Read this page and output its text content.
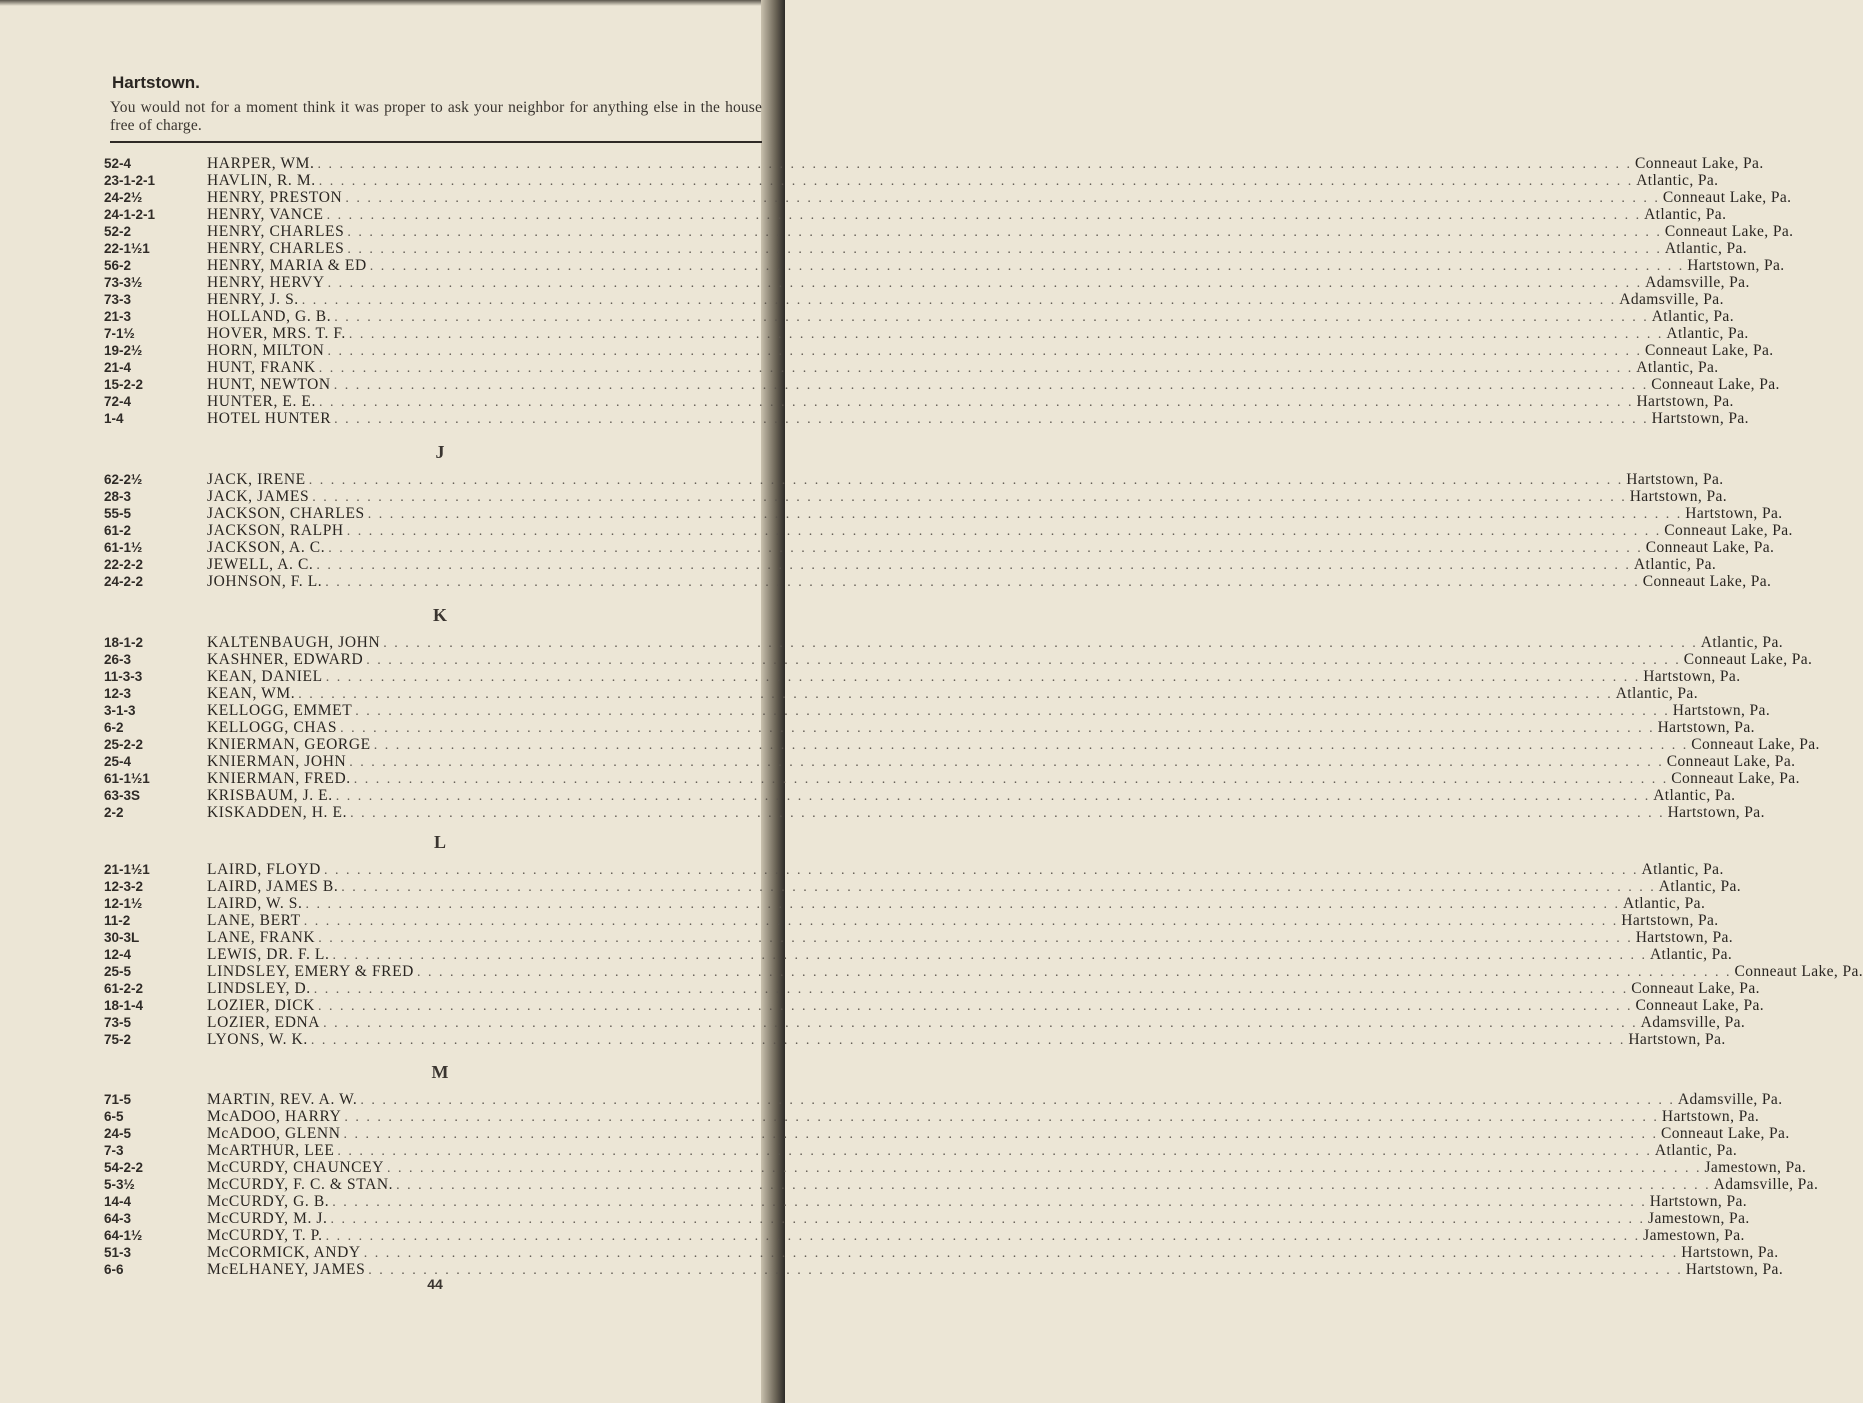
Hartstown.
You would not for a moment think it was proper to ask your neighbor for anything else in the house free of charge.
52-4	HARPER, WM. . . . . . . . . . . . . . . . . . . . . . . . . . . . . . . . . . . . . . . . . . . . . . . . . . . . . . . . . . . . . . . . . . . . . . . . . . . . . . . . . . . . . . . . . . . . . . . . . . . . . . . . . . . . . . . . . . . . . . . . . Conneaut Lake, Pa.
23-1-2-1	HAVLIN, R. M. . . . . . . . . . . . . . . . . . . . . . . . . . . . . . . . . . . . . . . . . . . . . . . . . . . . . . . . . . . . . . . . . . . . . . . . . . . . . . . . . . . . . . . . . . . . . . . . . . . . . . . . . . . . . . . . . . . . . . . . . Atlantic, Pa.
24-2½	HENRY, PRESTON . . . . . . . . . . . . . . . . . . . . . . . . . . . . . . . . . . . . . . . . . . . . . . . . . . . . . . . . . . . . . . . . . . . . . . . . . . . . . . . . . . . . . . . . . . . . . . . . . . . . . . . . . . . . . . . . . . . . . . . . Conneaut Lake, Pa.
24-1-2-1	HENRY, VANCE . . . . . . . . . . . . . . . . . . . . . . . . . . . . . . . . . . . . . . . . . . . . . . . . . . . . . . . . . . . . . . . . . . . . . . . . . . . . . . . . . . . . . . . . . . . . . . . . . . . . . . . . . . . . . . . . . . . . . . . . Atlantic, Pa.
52-2	HENRY, CHARLES . . . . . . . . . . . . . . . . . . . . . . . . . . . . . . . . . . . . . . . . . . . . . . . . . . . . . . . . . . . . . . . . . . . . . . . . . . . . . . . . . . . . . . . . . . . . . . . . . . . . . . . . . . . . . . . . . . . . . . . . Conneaut Lake, Pa.
22-1½1	HENRY, CHARLES . . . . . . . . . . . . . . . . . . . . . . . . . . . . . . . . . . . . . . . . . . . . . . . . . . . . . . . . . . . . . . . . . . . . . . . . . . . . . . . . . . . . . . . . . . . . . . . . . . . . . . . . . . . . . . . . . . . . . . . . Atlantic, Pa.
56-2	HENRY, MARIA & ED . . . . . . . . . . . . . . . . . . . . . . . . . . . . . . . . . . . . . . . . . . . . . . . . . . . . . . . . . . . . . . . . . . . . . . . . . . . . . . . . . . . . . . . . . . . . . . . . . . . . . . . . . . . . . . . . . . . . . . . . Hartstown, Pa.
73-3½	HENRY, HERVY . . . . . . . . . . . . . . . . . . . . . . . . . . . . . . . . . . . . . . . . . . . . . . . . . . . . . . . . . . . . . . . . . . . . . . . . . . . . . . . . . . . . . . . . . . . . . . . . . . . . . . . . . . . . . . . . . . . . . . . . Adamsville, Pa.
73-3	HENRY, J. S. . . . . . . . . . . . . . . . . . . . . . . . . . . . . . . . . . . . . . . . . . . . . . . . . . . . . . . . . . . . . . . . . . . . . . . . . . . . . . . . . . . . . . . . . . . . . . . . . . . . . . . . . . . . . . . . . . . . . . . . . Adamsville, Pa.
21-3	HOLLAND, G. B. . . . . . . . . . . . . . . . . . . . . . . . . . . . . . . . . . . . . . . . . . . . . . . . . . . . . . . . . . . . . . . . . . . . . . . . . . . . . . . . . . . . . . . . . . . . . . . . . . . . . . . . . . . . . . . . . . . . . . . . . Atlantic, Pa.
7-1½	HOVER, MRS. T. F. . . . . . . . . . . . . . . . . . . . . . . . . . . . . . . . . . . . . . . . . . . . . . . . . . . . . . . . . . . . . . . . . . . . . . . . . . . . . . . . . . . . . . . . . . . . . . . . . . . . . . . . . . . . . . . . . . . . . . . . . Atlantic, Pa.
19-2½	HORN, MILTON . . . . . . . . . . . . . . . . . . . . . . . . . . . . . . . . . . . . . . . . . . . . . . . . . . . . . . . . . . . . . . . . . . . . . . . . . . . . . . . . . . . . . . . . . . . . . . . . . . . . . . . . . . . . . . . . . . . . . . . . Conneaut Lake, Pa.
21-4	HUNT, FRANK . . . . . . . . . . . . . . . . . . . . . . . . . . . . . . . . . . . . . . . . . . . . . . . . . . . . . . . . . . . . . . . . . . . . . . . . . . . . . . . . . . . . . . . . . . . . . . . . . . . . . . . . . . . . . . . . . . . . . . . . Atlantic, Pa.
15-2-2	HUNT, NEWTON . . . . . . . . . . . . . . . . . . . . . . . . . . . . . . . . . . . . . . . . . . . . . . . . . . . . . . . . . . . . . . . . . . . . . . . . . . . . . . . . . . . . . . . . . . . . . . . . . . . . . . . . . . . . . . . . . . . . . . . . Conneaut Lake, Pa.
72-4	HUNTER, E. E. . . . . . . . . . . . . . . . . . . . . . . . . . . . . . . . . . . . . . . . . . . . . . . . . . . . . . . . . . . . . . . . . . . . . . . . . . . . . . . . . . . . . . . . . . . . . . . . . . . . . . . . . . . . . . . . . . . . . . . . . Hartstown, Pa.
1-4	HOTEL HUNTER . . . . . . . . . . . . . . . . . . . . . . . . . . . . . . . . . . . . . . . . . . . . . . . . . . . . . . . . . . . . . . . . . . . . . . . . . . . . . . . . . . . . . . . . . . . . . . . . . . . . . . . . . . . . . . . . . . . . . . . . Hartstown, Pa.
J
62-2½	JACK, IRENE . . . . . . . . . . . . . . . . . . . . . . . . . . . . . . . . . . . . . . . . . . . . . . . . . . . . . . . . . . . . . . . . . . . . . . . . . . . . . . . . . . . . . . . . . . . . . . . . . . . . . . . . . . . . . . . . . . . . . . . . Hartstown, Pa.
28-3	JACK, JAMES . . . . . . . . . . . . . . . . . . . . . . . . . . . . . . . . . . . . . . . . . . . . . . . . . . . . . . . . . . . . . . . . . . . . . . . . . . . . . . . . . . . . . . . . . . . . . . . . . . . . . . . . . . . . . . . . . . . . . . . . Hartstown, Pa.
55-5	JACKSON, CHARLES . . . . . . . . . . . . . . . . . . . . . . . . . . . . . . . . . . . . . . . . . . . . . . . . . . . . . . . . . . . . . . . . . . . . . . . . . . . . . . . . . . . . . . . . . . . . . . . . . . . . . . . . . . . . . . . . . . . . . . . . Hartstown, Pa.
61-2	JACKSON, RALPH . . . . . . . . . . . . . . . . . . . . . . . . . . . . . . . . . . . . . . . . . . . . . . . . . . . . . . . . . . . . . . . . . . . . . . . . . . . . . . . . . . . . . . . . . . . . . . . . . . . . . . . . . . . . . . . . . . . . . . . . Conneaut Lake, Pa.
61-1½	JACKSON, A. C. . . . . . . . . . . . . . . . . . . . . . . . . . . . . . . . . . . . . . . . . . . . . . . . . . . . . . . . . . . . . . . . . . . . . . . . . . . . . . . . . . . . . . . . . . . . . . . . . . . . . . . . . . . . . . . . . . . . . . . . . Conneaut Lake, Pa.
22-2-2	JEWELL, A. C. . . . . . . . . . . . . . . . . . . . . . . . . . . . . . . . . . . . . . . . . . . . . . . . . . . . . . . . . . . . . . . . . . . . . . . . . . . . . . . . . . . . . . . . . . . . . . . . . . . . . . . . . . . . . . . . . . . . . . . . . Atlantic, Pa.
24-2-2	JOHNSON, F. L. . . . . . . . . . . . . . . . . . . . . . . . . . . . . . . . . . . . . . . . . . . . . . . . . . . . . . . . . . . . . . . . . . . . . . . . . . . . . . . . . . . . . . . . . . . . . . . . . . . . . . . . . . . . . . . . . . . . . . . . . Conneaut Lake, Pa.
K
18-1-2	KALTENBAUGH, JOHN . . . . . . . . . . . . . . . . . . . . . . . . . . . . . . . . . . . . . . . . . . . . . . . . . . . . . . . . . . . . . . . . . . . . . . . . . . . . . . . . . . . . . . . . . . . . . . . . . . . . . . . . . . . . . . . . . . . . . . . . Atlantic, Pa.
26-3	KASHNER, EDWARD . . . . . . . . . . . . . . . . . . . . . . . . . . . . . . . . . . . . . . . . . . . . . . . . . . . . . . . . . . . . . . . . . . . . . . . . . . . . . . . . . . . . . . . . . . . . . . . . . . . . . . . . . . . . . . . . . . . . . . . . Conneaut Lake, Pa.
11-3-3	KEAN, DANIEL . . . . . . . . . . . . . . . . . . . . . . . . . . . . . . . . . . . . . . . . . . . . . . . . . . . . . . . . . . . . . . . . . . . . . . . . . . . . . . . . . . . . . . . . . . . . . . . . . . . . . . . . . . . . . . . . . . . . . . . . Hartstown, Pa.
12-3	KEAN, WM. . . . . . . . . . . . . . . . . . . . . . . . . . . . . . . . . . . . . . . . . . . . . . . . . . . . . . . . . . . . . . . . . . . . . . . . . . . . . . . . . . . . . . . . . . . . . . . . . . . . . . . . . . . . . . . . . . . . . . . . . Atlantic, Pa.
3-1-3	KELLOGG, EMMET . . . . . . . . . . . . . . . . . . . . . . . . . . . . . . . . . . . . . . . . . . . . . . . . . . . . . . . . . . . . . . . . . . . . . . . . . . . . . . . . . . . . . . . . . . . . . . . . . . . . . . . . . . . . . . . . . . . . . . . . Hartstown, Pa.
6-2	KELLOGG, CHAS . . . . . . . . . . . . . . . . . . . . . . . . . . . . . . . . . . . . . . . . . . . . . . . . . . . . . . . . . . . . . . . . . . . . . . . . . . . . . . . . . . . . . . . . . . . . . . . . . . . . . . . . . . . . . . . . . . . . . . . . Hartstown, Pa.
25-2-2	KNIERMAN, GEORGE . . . . . . . . . . . . . . . . . . . . . . . . . . . . . . . . . . . . . . . . . . . . . . . . . . . . . . . . . . . . . . . . . . . . . . . . . . . . . . . . . . . . . . . . . . . . . . . . . . . . . . . . . . . . . . . . . . . . . . . . Conneaut Lake, Pa.
25-4	KNIERMAN, JOHN . . . . . . . . . . . . . . . . . . . . . . . . . . . . . . . . . . . . . . . . . . . . . . . . . . . . . . . . . . . . . . . . . . . . . . . . . . . . . . . . . . . . . . . . . . . . . . . . . . . . . . . . . . . . . . . . . . . . . . . . Conneaut Lake, Pa.
61-1½1	KNIERMAN, FRED. . . . . . . . . . . . . . . . . . . . . . . . . . . . . . . . . . . . . . . . . . . . . . . . . . . . . . . . . . . . . . . . . . . . . . . . . . . . . . . . . . . . . . . . . . . . . . . . . . . . . . . . . . . . . . . . . . . . . . . . . Conneaut Lake, Pa.
63-3S	KRISBAUM, J. E. . . . . . . . . . . . . . . . . . . . . . . . . . . . . . . . . . . . . . . . . . . . . . . . . . . . . . . . . . . . . . . . . . . . . . . . . . . . . . . . . . . . . . . . . . . . . . . . . . . . . . . . . . . . . . . . . . . . . . . . . Atlantic, Pa.
2-2	KISKADDEN, H. E. . . . . . . . . . . . . . . . . . . . . . . . . . . . . . . . . . . . . . . . . . . . . . . . . . . . . . . . . . . . . . . . . . . . . . . . . . . . . . . . . . . . . . . . . . . . . . . . . . . . . . . . . . . . . . . . . . . . . . . . . Hartstown, Pa.
L
21-1½1	LAIRD, FLOYD . . . . . . . . . . . . . . . . . . . . . . . . . . . . . . . . . . . . . . . . . . . . . . . . . . . . . . . . . . . . . . . . . . . . . . . . . . . . . . . . . . . . . . . . . . . . . . . . . . . . . . . . . . . . . . . . . . . . . . . . Atlantic, Pa.
12-3-2	LAIRD, JAMES B. . . . . . . . . . . . . . . . . . . . . . . . . . . . . . . . . . . . . . . . . . . . . . . . . . . . . . . . . . . . . . . . . . . . . . . . . . . . . . . . . . . . . . . . . . . . . . . . . . . . . . . . . . . . . . . . . . . . . . . . . Atlantic, Pa.
12-1½	LAIRD, W. S. . . . . . . . . . . . . . . . . . . . . . . . . . . . . . . . . . . . . . . . . . . . . . . . . . . . . . . . . . . . . . . . . . . . . . . . . . . . . . . . . . . . . . . . . . . . . . . . . . . . . . . . . . . . . . . . . . . . . . . . . Atlantic, Pa.
11-2	LANE, BERT . . . . . . . . . . . . . . . . . . . . . . . . . . . . . . . . . . . . . . . . . . . . . . . . . . . . . . . . . . . . . . . . . . . . . . . . . . . . . . . . . . . . . . . . . . . . . . . . . . . . . . . . . . . . . . . . . . . . . . . . Hartstown, Pa.
30-3L	LANE, FRANK . . . . . . . . . . . . . . . . . . . . . . . . . . . . . . . . . . . . . . . . . . . . . . . . . . . . . . . . . . . . . . . . . . . . . . . . . . . . . . . . . . . . . . . . . . . . . . . . . . . . . . . . . . . . . . . . . . . . . . . . Hartstown, Pa.
12-4	LEWIS, DR. F. L. . . . . . . . . . . . . . . . . . . . . . . . . . . . . . . . . . . . . . . . . . . . . . . . . . . . . . . . . . . . . . . . . . . . . . . . . . . . . . . . . . . . . . . . . . . . . . . . . . . . . . . . . . . . . . . . . . . . . . . . . Atlantic, Pa.
25-5	LINDSLEY, EMERY & FRED . . . . . . . . . . . . . . . . . . . . . . . . . . . . . . . . . . . . . . . . . . . . . . . . . . . . . . . . . . . . . . . . . . . . . . . . . . . . . . . . . . . . . . . . . . . . . . . . . . . . . . . . . . . . . . . . . . . . . . . . Conneaut Lake, Pa.
61-2-2	LINDSLEY, D. . . . . . . . . . . . . . . . . . . . . . . . . . . . . . . . . . . . . . . . . . . . . . . . . . . . . . . . . . . . . . . . . . . . . . . . . . . . . . . . . . . . . . . . . . . . . . . . . . . . . . . . . . . . . . . . . . . . . . . . . Conneaut Lake, Pa.
18-1-4	LOZIER, DICK . . . . . . . . . . . . . . . . . . . . . . . . . . . . . . . . . . . . . . . . . . . . . . . . . . . . . . . . . . . . . . . . . . . . . . . . . . . . . . . . . . . . . . . . . . . . . . . . . . . . . . . . . . . . . . . . . . . . . . . . Conneaut Lake, Pa.
73-5	LOZIER, EDNA . . . . . . . . . . . . . . . . . . . . . . . . . . . . . . . . . . . . . . . . . . . . . . . . . . . . . . . . . . . . . . . . . . . . . . . . . . . . . . . . . . . . . . . . . . . . . . . . . . . . . . . . . . . . . . . . . . . . . . . . Adamsville, Pa.
75-2	LYONS, W. K. . . . . . . . . . . . . . . . . . . . . . . . . . . . . . . . . . . . . . . . . . . . . . . . . . . . . . . . . . . . . . . . . . . . . . . . . . . . . . . . . . . . . . . . . . . . . . . . . . . . . . . . . . . . . . . . . . . . . . . . . Hartstown, Pa.
M
71-5	MARTIN, REV. A. W. . . . . . . . . . . . . . . . . . . . . . . . . . . . . . . . . . . . . . . . . . . . . . . . . . . . . . . . . . . . . . . . . . . . . . . . . . . . . . . . . . . . . . . . . . . . . . . . . . . . . . . . . . . . . . . . . . . . . . . . . Adamsville, Pa.
6-5	McADOO, HARRY . . . . . . . . . . . . . . . . . . . . . . . . . . . . . . . . . . . . . . . . . . . . . . . . . . . . . . . . . . . . . . . . . . . . . . . . . . . . . . . . . . . . . . . . . . . . . . . . . . . . . . . . . . . . . . . . . . . . . . . . Hartstown, Pa.
24-5	McADOO, GLENN . . . . . . . . . . . . . . . . . . . . . . . . . . . . . . . . . . . . . . . . . . . . . . . . . . . . . . . . . . . . . . . . . . . . . . . . . . . . . . . . . . . . . . . . . . . . . . . . . . . . . . . . . . . . . . . . . . . . . . . . Conneaut Lake, Pa.
7-3	McARTHUR, LEE . . . . . . . . . . . . . . . . . . . . . . . . . . . . . . . . . . . . . . . . . . . . . . . . . . . . . . . . . . . . . . . . . . . . . . . . . . . . . . . . . . . . . . . . . . . . . . . . . . . . . . . . . . . . . . . . . . . . . . . . Atlantic, Pa.
54-2-2	McCURDY, CHAUNCEY . . . . . . . . . . . . . . . . . . . . . . . . . . . . . . . . . . . . . . . . . . . . . . . . . . . . . . . . . . . . . . . . . . . . . . . . . . . . . . . . . . . . . . . . . . . . . . . . . . . . . . . . . . . . . . . . . . . . . . . . Jamestown, Pa.
5-3½	McCURDY, F. C. & STAN. . . . . . . . . . . . . . . . . . . . . . . . . . . . . . . . . . . . . . . . . . . . . . . . . . . . . . . . . . . . . . . . . . . . . . . . . . . . . . . . . . . . . . . . . . . . . . . . . . . . . . . . . . . . . . . . . . . . . . . . . Adamsville, Pa.
14-4	McCURDY, G. B. . . . . . . . . . . . . . . . . . . . . . . . . . . . . . . . . . . . . . . . . . . . . . . . . . . . . . . . . . . . . . . . . . . . . . . . . . . . . . . . . . . . . . . . . . . . . . . . . . . . . . . . . . . . . . . . . . . . . . . . . Hartstown, Pa.
64-3	McCURDY, M. J. . . . . . . . . . . . . . . . . . . . . . . . . . . . . . . . . . . . . . . . . . . . . . . . . . . . . . . . . . . . . . . . . . . . . . . . . . . . . . . . . . . . . . . . . . . . . . . . . . . . . . . . . . . . . . . . . . . . . . . . . Jamestown, Pa.
64-1½	McCURDY, T. P. . . . . . . . . . . . . . . . . . . . . . . . . . . . . . . . . . . . . . . . . . . . . . . . . . . . . . . . . . . . . . . . . . . . . . . . . . . . . . . . . . . . . . . . . . . . . . . . . . . . . . . . . . . . . . . . . . . . . . . . . Jamestown, Pa.
51-3	McCORMICK, ANDY . . . . . . . . . . . . . . . . . . . . . . . . . . . . . . . . . . . . . . . . . . . . . . . . . . . . . . . . . . . . . . . . . . . . . . . . . . . . . . . . . . . . . . . . . . . . . . . . . . . . . . . . . . . . . . . . . . . . . . . . Hartstown, Pa.
6-6	McELHANEY, JAMES . . . . . . . . . . . . . . . . . . . . . . . . . . . . . . . . . . . . . . . . . . . . . . . . . . . . . . . . . . . . . . . . . . . . . . . . . . . . . . . . . . . . . . . . . . . . . . . . . . . . . . . . . . . . . . . . . . . . . . . . Hartstown, Pa.
44
